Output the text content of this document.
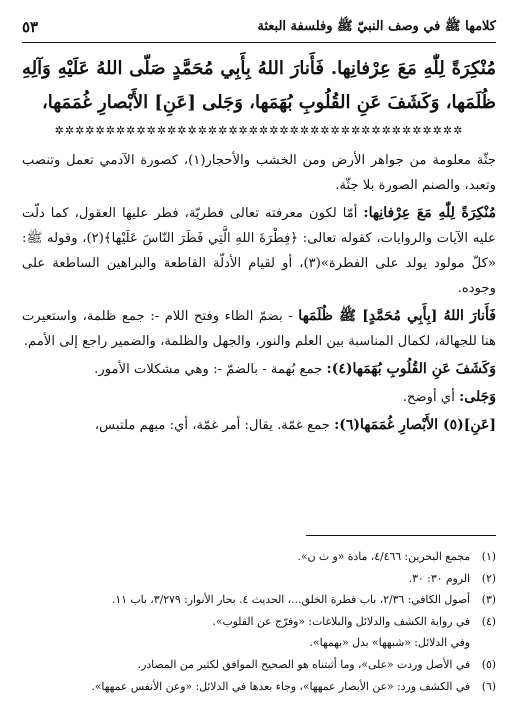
كلامها ﷺ في وصف النبيّ ﷺ وفلسفة البعثة
٥٣
مُنْكِرَةً لِلّٰهِ مَعَ عِرْفانِها. فَأَنارَ اللهُ بِأَبِي مُحَمَّدٍ صَلّى اللهُ عَلَيْهِ وَآلِهِ ظُلَمَها، وَكَشَفَ عَنِ القُلُوبِ بُهَمَها، وَجَلى [عَنِ] الأَبْصارِ غُمَمَها،
✲✲✲✲✲✲✲✲✲✲✲✲✲✲✲✲✲✲✲✲✲✲✲✲✲✲✲✲✲✲✲✲✲✲✲✲✲✲✲✲

جثّة معلومة من جواهر الأرض ومن الخشب والأحجار(١)، كصورة الآدمي تعمل وتنصب وتعبد، والصنم الصورة بلا جثّة.

مُنْكِرَةً لِلّٰهِ مَعَ عِرْفانِها: أمّا لكون معرفته تعالى فطريّة، فطر عليها العقول، كما دلّت عليه الآيات والروايات، كقوله تعالى: ﴿فِطْرَةَ اللهِ الَّتِي فَطَرَ النّاسَ عَلَيْها﴾(٢)، وقوله ﷺ: «كلّ مولود يولد على الفطرة»(٣)، أو لقيام الأدلّة القاطعة والبراهين الساطعة على وجوده.

فَأَنارَ اللهُ [بِأَبِي مُحَمَّدٍ] ﷺ ظُلَمَها - بضمّ الظاء وفتح اللام -: جمع ظلمة، واستعيرت هنا للجهالة، لكمال المناسبة بين العلم والنور، والجهل والظلمة، والضمير راجع إلى الأمم.

وَكَشَفَ عَنِ القُلُوبِ بُهَمَها(٤): جمع بُهمة - بالضمّ -: وهي مشكلات الأمور.

وَجَلى: أي أوضح.

[عَنِ](٥) الأَبْصارِ غُمَمَها(٦): جمع غمّة. يقال: أمر غمّة، أي: مبهم ملتبس،

(١)
مجمع البحرين: ٤/٤٦٦، مادة «و ث ن».
(٢)
الروم ٣٠: ٣٠.
(٣)
أصول الكافي: ٢/٣٦، باب فطرة الخلق...، الحديث ٤. بحار الأنوار: ٣/٢٧٩، باب ١١.
(٤)
في رواية الكشف والدلائل والبلاغات: «وفرّج عن القلوب».
وفي الدلائل: «شبهها» بدل «بهمها».
(٥)
في الأصل وردت «على»، وما أثبتناه هو الصحيح الموافق لكثير من المصادر.
(٦)
في الكشف ورد: «عن الأبصار عمهها»، وجاء بعدها في الدلائل: «وعن الأنفس عمهها».
